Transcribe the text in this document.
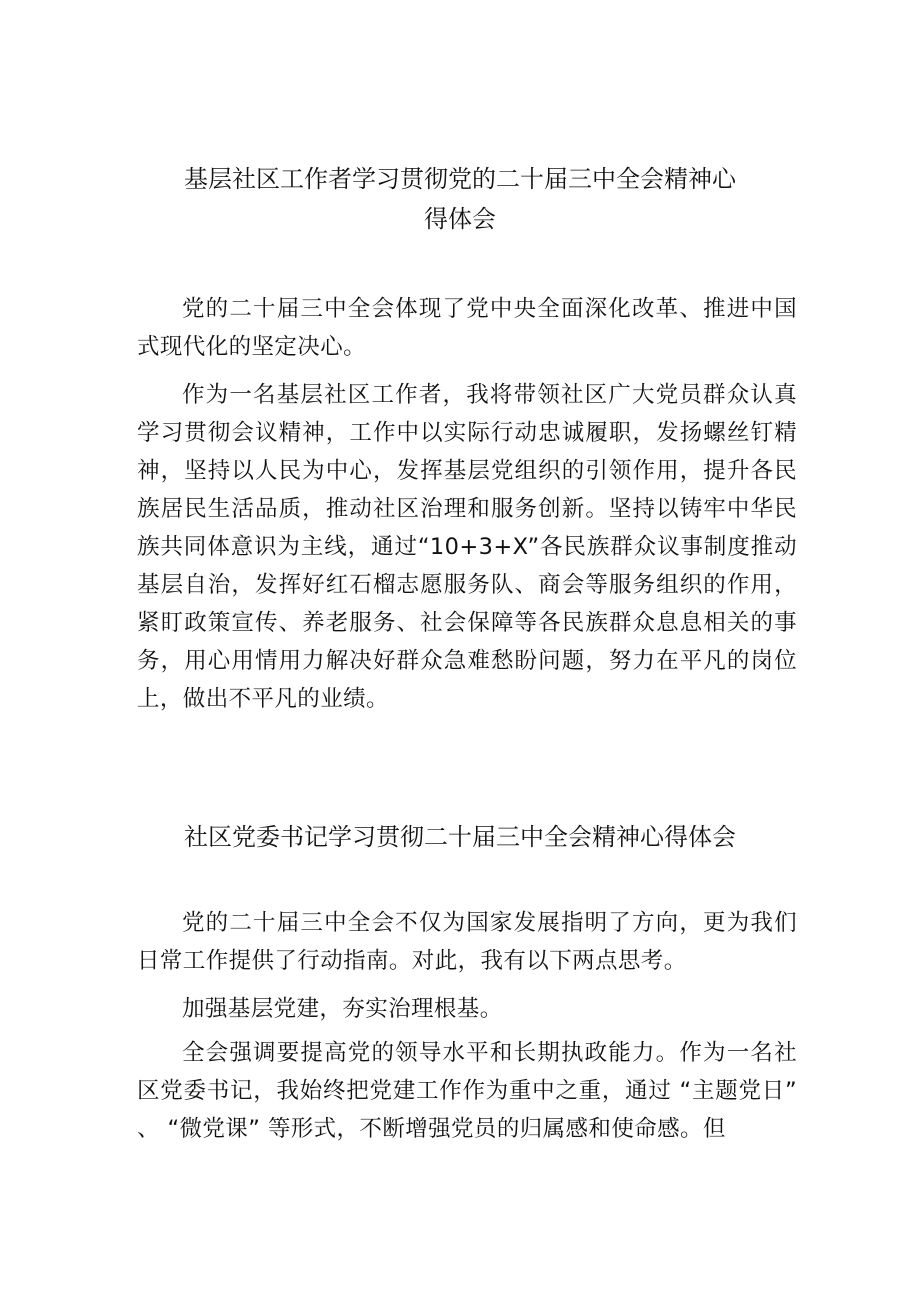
基层社区工作者学习贯彻党的二十届三中全会精神心
得体会

党的二十届三中全会体现了党中央全面深化改革、推进中国式现代化的坚定决心。

作为一名基层社区工作者，我将带领社区广大党员群众认真学习贯彻会议精神，工作中以实际行动忠诚履职，发扬螺丝钉精神，坚持以人民为中心，发挥基层党组织的引领作用，提升各民族居民生活品质，推动社区治理和服务创新。坚持以铸牢中华民族共同体意识为主线，通过“10+3+X”各民族群众议事制度推动基层自治，发挥好红石榴志愿服务队、商会等服务组织的作用，紧盯政策宣传、养老服务、社会保障等各民族群众息息相关的事务，用心用情用力解决好群众急难愁盼问题，努力在平凡的岗位上，做出不平凡的业绩。

社区党委书记学习贯彻二十届三中全会精神心得体会

党的二十届三中全会不仅为国家发展指明了方向，更为我们日常工作提供了行动指南。对此，我有以下两点思考。

加强基层党建，夯实治理根基。

全会强调要提高党的领导水平和长期执政能力。作为一名社区党委书记，我始终把党建工作作为重中之重，通过 “主题党日” 、 “微党课” 等形式，不断增强党员的归属感和使命感。但
